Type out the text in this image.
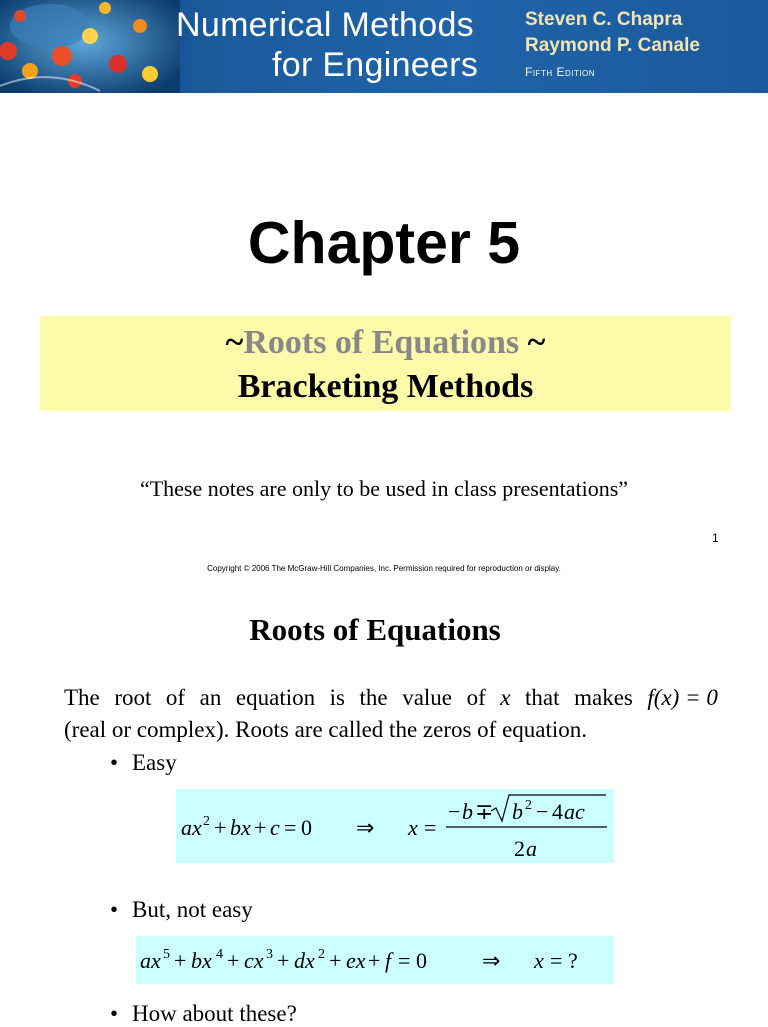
Numerical Methods
for Engineers
Steven C. Chapra
Raymond P. Canale
Fifth Edition
Chapter 5
~Roots of Equations ~
Bracketing Methods
“These notes are only to be used in class presentations”
1
Copyright © 2006 The McGraw-Hill Companies, Inc. Permission required for reproduction or display.
Roots of Equations
The root of an equation is the value of x that makes f(x) = 0
(real or complex). Roots are called the zeros of equation.
• Easy
ax 2 + bx + c = 0 ⇒ x =
− b ∓ b 2 − 4 ac
2 a
• But, not easy
ax 5 + bx 4 + cx 3 + dx 2 + ex + f = 0	⇒ x = ?
• How about these?
